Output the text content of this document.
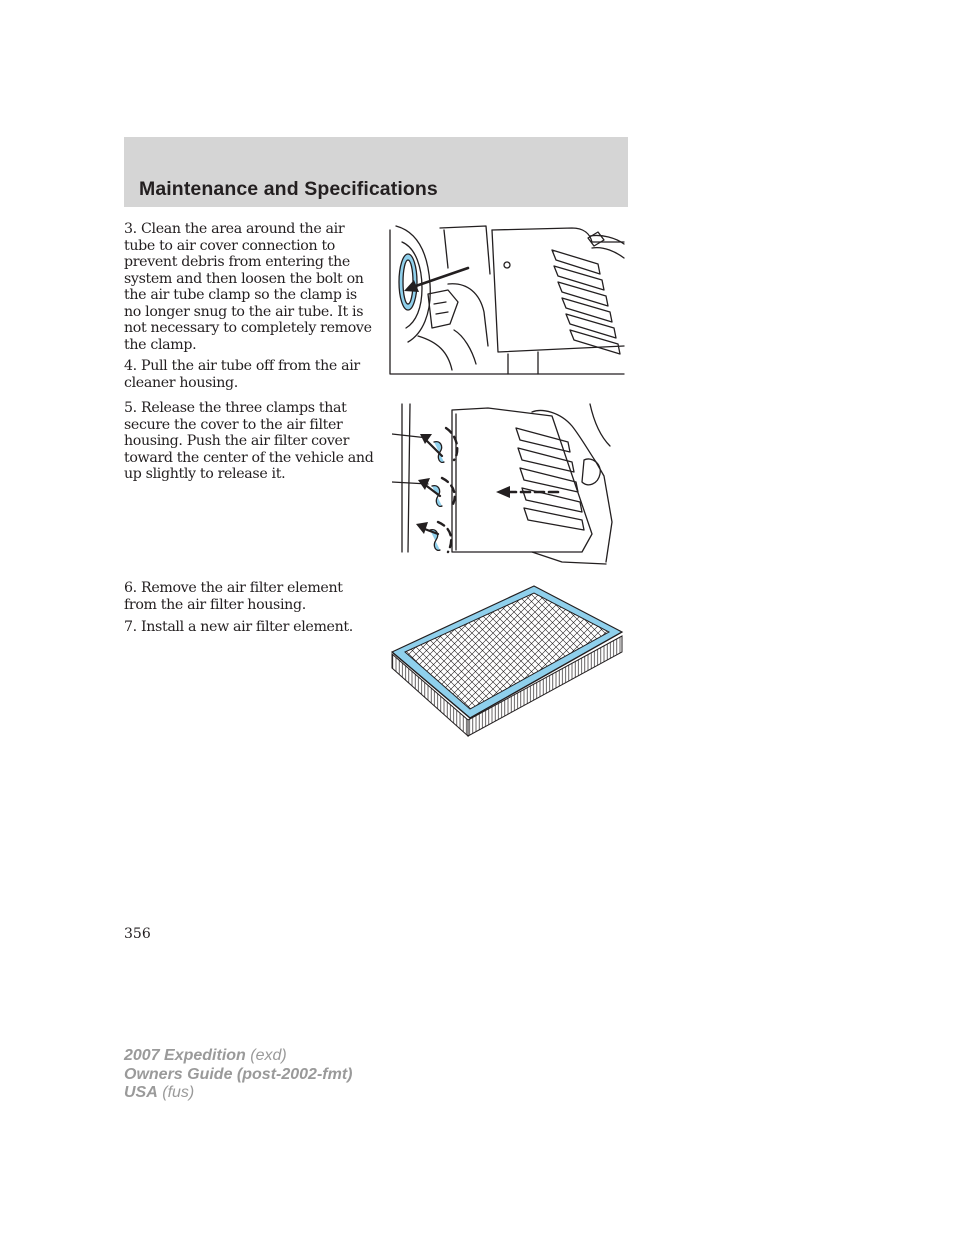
Maintenance and Specifications

3. Clean the area around the air tube to air cover connection to prevent debris from entering the system and then loosen the bolt on the air tube clamp so the clamp is no longer snug to the air tube. It is not necessary to completely remove the clamp.

4. Pull the air tube off from the air cleaner housing.

5. Release the three clamps that secure the cover to the air filter housing. Push the air filter cover toward the center of the vehicle and up slightly to release it.

6. Remove the air filter element from the air filter housing.

7. Install a new air filter element.

356

2007 Expedition (exd)
Owners Guide (post-2002-fmt)
USA (fus)
